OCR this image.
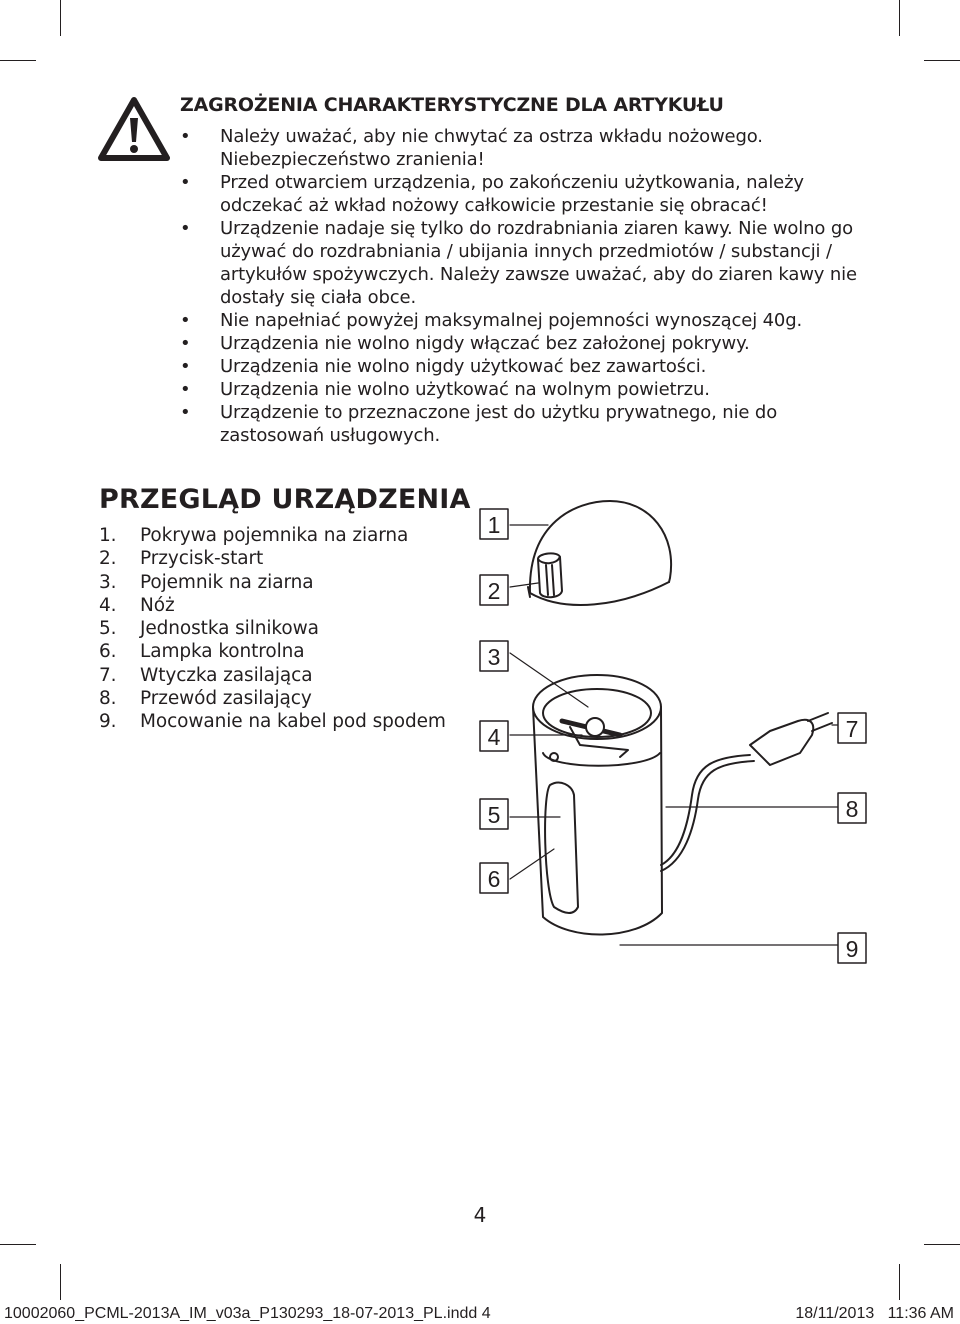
ZAGROŻENIA CHARAKTERYSTYCZNE DLA ARTYKUŁU
• Należy uważać, aby nie chwytać za ostrza wkładu nożowego. Niebezpieczeństwo zranienia!
• Przed otwarciem urządzenia, po zakończeniu użytkowania, należy odczekać aż wkład nożowy całkowicie przestanie się obracać!
• Urządzenie nadaje się tylko do rozdrabniania ziaren kawy. Nie wolno go używać do rozdrabniania / ubijania innych przedmiotów / substancji / artykułów spożywczych. Należy zawsze uważać, aby do ziaren kawy nie dostały się ciała obce.
• Nie napełniać powyżej maksymalnej pojemności wynoszącej 40g.
• Urządzenia nie wolno nigdy włączać bez założonej pokrywy.
• Urządzenia nie wolno nigdy użytkować bez zawartości.
• Urządzenia nie wolno użytkować na wolnym powietrzu.
• Urządzenie to przeznaczone jest do użytku prywatnego, nie do zastosowań usługowych.
PRZEGLĄD URZĄDZENIA
1.	Pokrywa pojemnika na ziarna
2.	Przycisk-start
3.	Pojemnik na ziarna
4.	Nóż
5.	Jednostka silnikowa
6.	Lampka kontrolna
7.	Wtyczka zasilająca
8.	Przewód zasilający
9.	Mocowanie na kabel pod spodem
1
2
3
4
5
6
7
8
9
4
10002060_PCML-2013A_IM_v03a_P130293_18-07-2013_PL.indd 4	18/11/2013   11:36 AM
